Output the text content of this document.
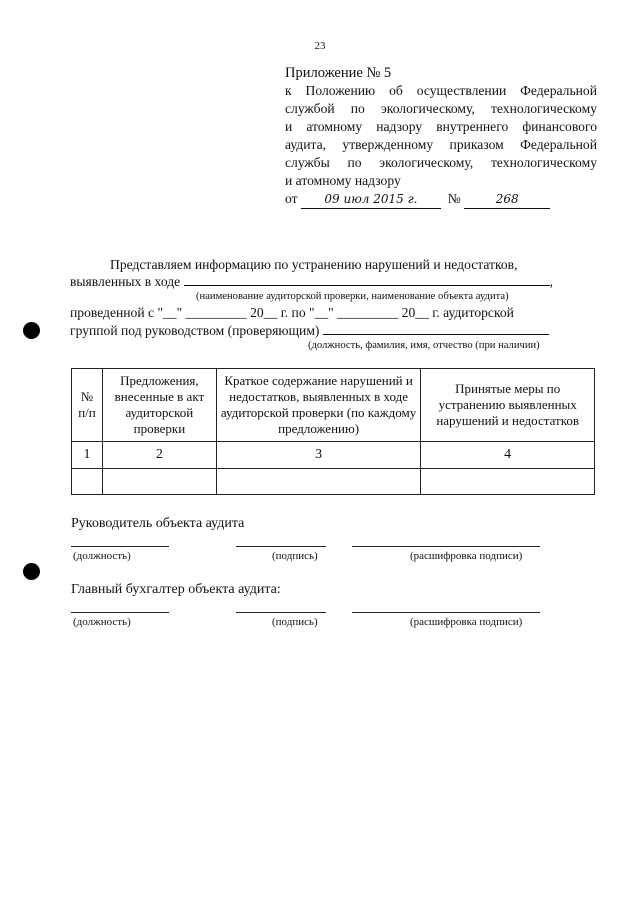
23
Приложение № 5
к Положению об осуществлении Федеральной
службой по экологическому, технологическому
и атомному надзору внутреннего финансового
аудита, утвержденному приказом Федеральной
службы по экологическому, технологическому
и атомному надзору
от 09 июл 2015 г. №	268
Представляем информацию по устранению нарушений и недостатков,
выявленных в ходе	,
(наименование аудиторской проверки, наименование объекта аудита)
проведенной с "__" _________ 20__ г. по "__" _________ 20__ г. аудиторской
группой под руководством (проверяющим)
(должность, фамилия, имя, отчество (при наличии)
№ п/п	Предложения, внесенные в акт аудиторской проверки	Краткое содержание нарушений и недостатков, выявленных в ходе аудиторской проверки (по каждому предложению)	Принятые меры по устранению выявленных нарушений и недостатков
1	2	3	4

Руководитель объекта аудита
(должность)	(подпись)	(расшифровка подписи)
Главный бухгалтер объекта аудита:
(должность)	(подпись)	(расшифровка подписи)
